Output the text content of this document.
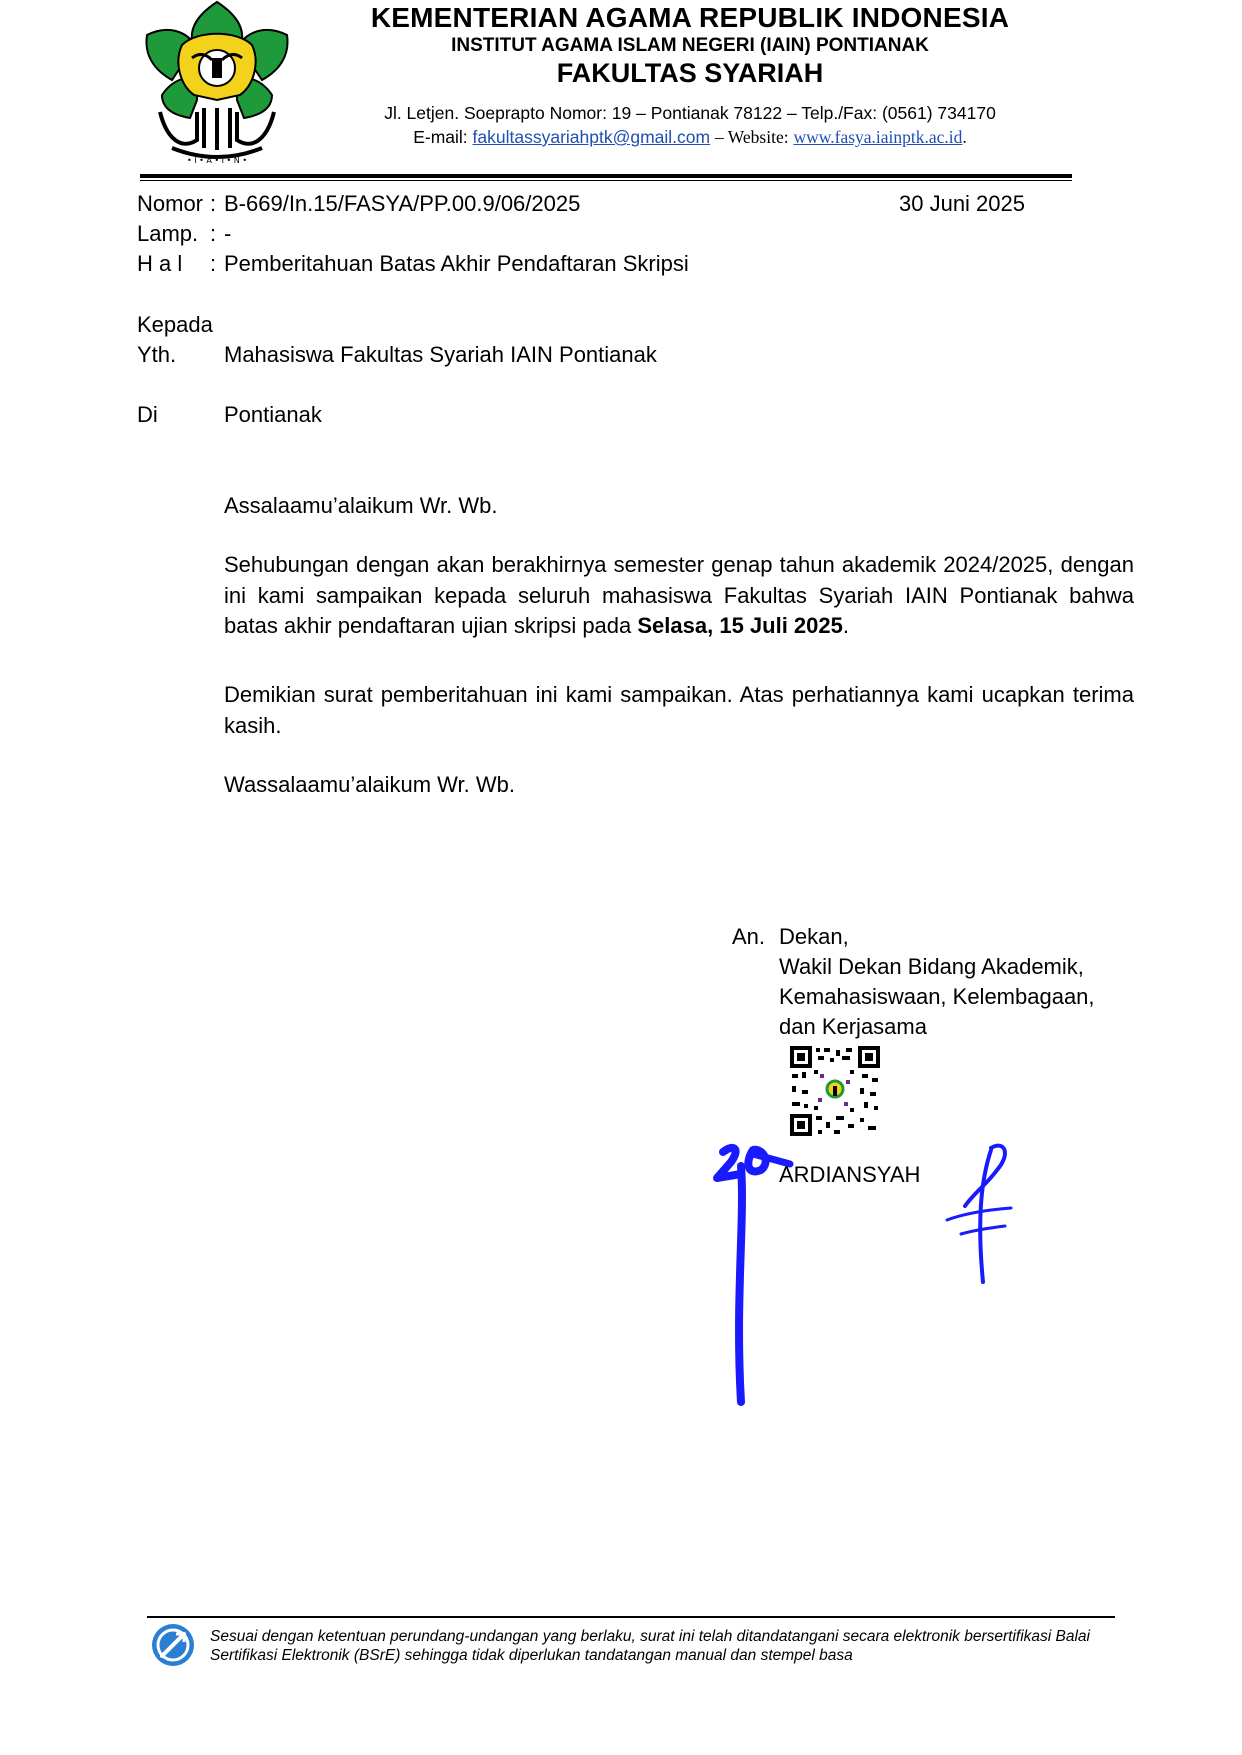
• I • A • I • N •
KEMENTERIAN AGAMA REPUBLIK INDONESIA
INSTITUT AGAMA ISLAM NEGERI (IAIN) PONTIANAK
FAKULTAS SYARIAH
Jl. Letjen. Soeprapto Nomor: 19 – Pontianak 78122 – Telp./Fax: (0561) 734170
E-mail: fakultassyariahptk@gmail.com – Website: www.fasya.iainptk.ac.id.
Nomor : B-669/In.15/FASYA/PP.00.9/06/2025	30 Juni 2025
Lamp. : -
H a l : Pemberitahuan Batas Akhir Pendaftaran Skripsi
Kepada
Yth. Mahasiswa Fakultas Syariah IAIN Pontianak
Di	Pontianak
Assalaamu’alaikum Wr. Wb.
Sehubungan dengan akan berakhirnya semester genap tahun akademik 2024/2025, dengan ini kami sampaikan kepada seluruh mahasiswa Fakultas Syariah IAIN Pontianak bahwa batas akhir pendaftaran ujian skripsi pada Selasa, 15 Juli 2025.
Demikian surat pemberitahuan ini kami sampaikan. Atas perhatiannya kami ucapkan terima kasih.
Wassalaamu’alaikum Wr. Wb.
An. Dekan,
Wakil Dekan Bidang Akademik,
Kemahasiswaan, Kelembagaan,
dan Kerjasama
ARDIANSYAH
Sesuai dengan ketentuan perundang-undangan yang berlaku, surat ini telah ditandatangani secara elektronik bersertifikasi Balai Sertifikasi Elektronik (BSrE) sehingga tidak diperlukan tandatangan manual dan stempel basa
